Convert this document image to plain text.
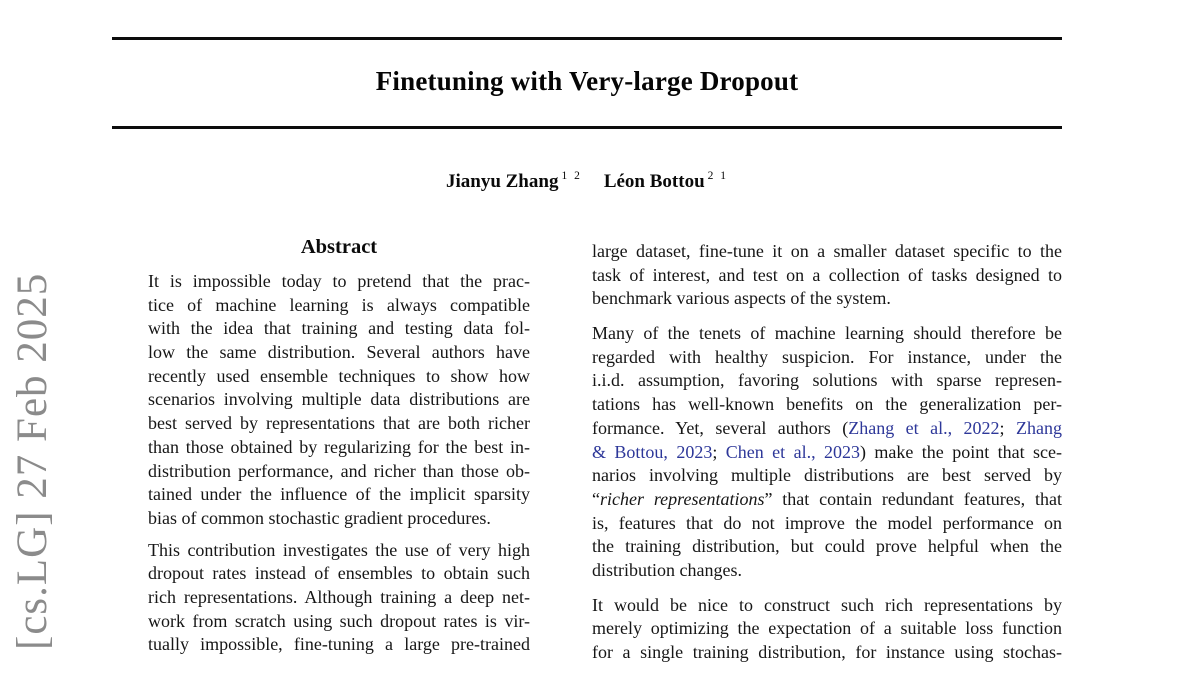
[cs.LG] 27 Feb 2025
Finetuning with Very-large Dropout
Jianyu Zhang $^{1 2}$ Léon Bottou $^{2 1}$
Abstract
It is impossible today to pretend that the prac-
tice of machine learning is always compatible
with the idea that training and testing data fol-
low the same distribution. Several authors have
recently used ensemble techniques to show how
scenarios involving multiple data distributions are
best served by representations that are both richer
than those obtained by regularizing for the best in-
distribution performance, and richer than those ob-
tained under the influence of the implicit sparsity
bias of common stochastic gradient procedures.
This contribution investigates the use of very high
dropout rates instead of ensembles to obtain such
rich representations. Although training a deep net-
work from scratch using such dropout rates is vir-
tually impossible, fine-tuning a large pre-trained
large dataset, fine-tune it on a smaller dataset specific to the
task of interest, and test on a collection of tasks designed to
benchmark various aspects of the system.
Many of the tenets of machine learning should therefore be
regarded with healthy suspicion. For instance, under the
i.i.d. assumption, favoring solutions with sparse represen-
tations has well-known benefits on the generalization per-
formance. Yet, several authors (Zhang et al., 2022; Zhang
& Bottou, 2023; Chen et al., 2023) make the point that sce-
narios involving multiple distributions are best served by
“richer representations” that contain redundant features, that
is, features that do not improve the model performance on
the training distribution, but could prove helpful when the
distribution changes.
It would be nice to construct such rich representations by
merely optimizing the expectation of a suitable loss function
for a single training distribution, for instance using stochas-
